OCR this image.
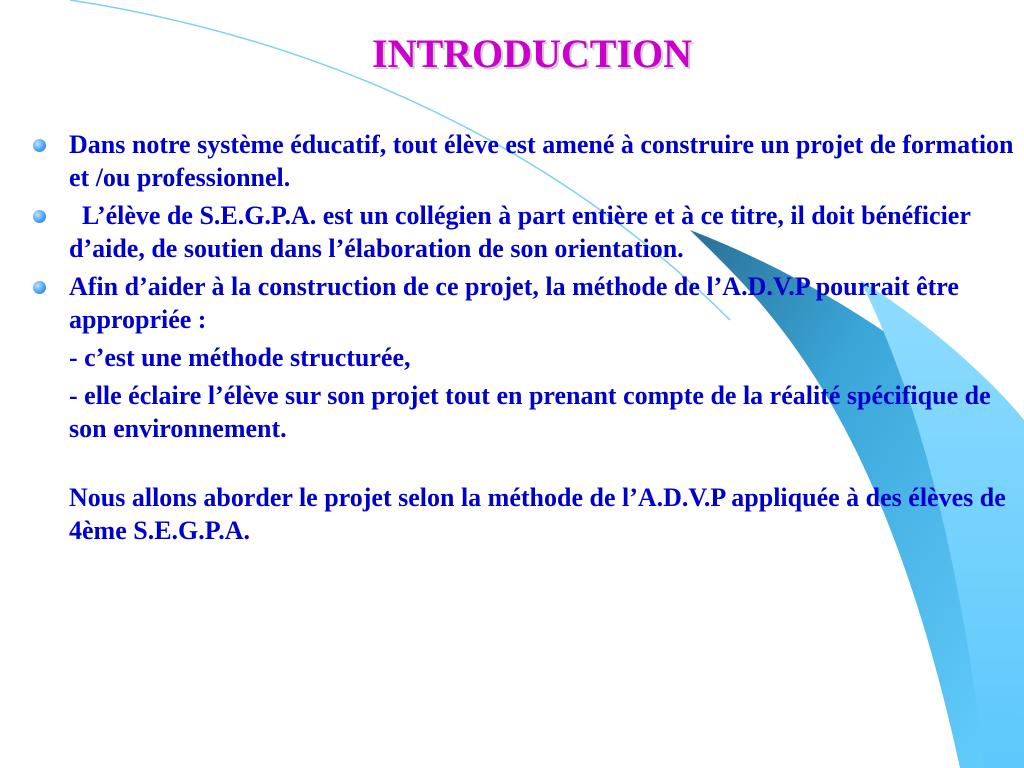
INTRODUCTION
Dans notre système éducatif, tout élève est amené à construire un projet de formation et /ou professionnel.
L’élève de S.E.G.P.A. est un collégien à part entière et à ce titre, il doit bénéficier d’aide, de soutien dans l’élaboration de son orientation.
Afin d’aider à la construction de ce projet, la méthode de l’A.D.V.P pourrait être appropriée :
- c’est une méthode structurée,
- elle éclaire l’élève sur son projet tout en prenant compte de la réalité spécifique de son environnement.
Nous allons aborder le projet selon la méthode de l’A.D.V.P appliquée à des élèves de 4ème S.E.G.P.A.
